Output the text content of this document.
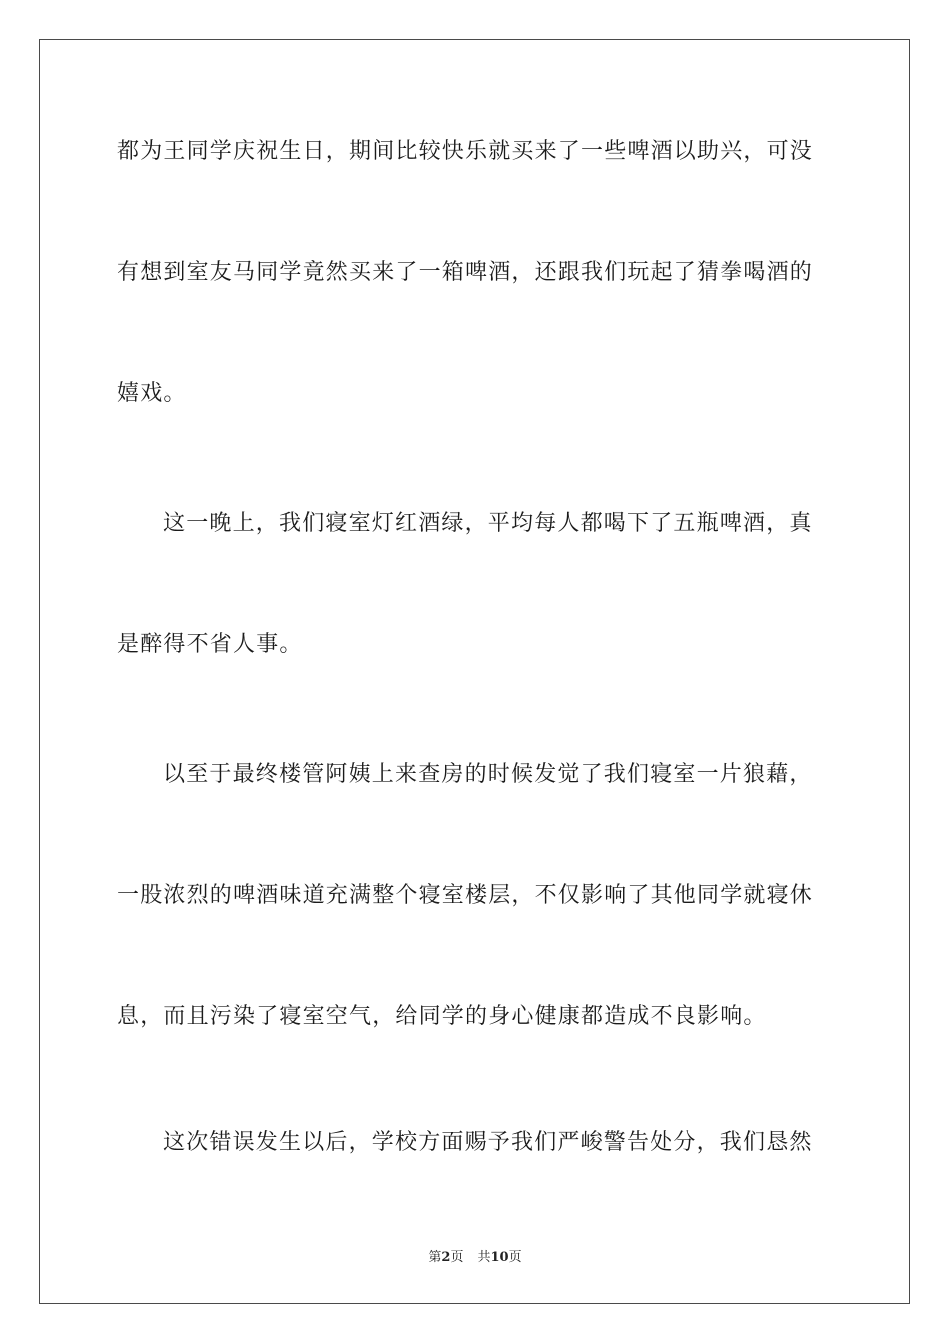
都为王同学庆祝生日，期间比较快乐就买来了一些啤酒以助兴，可没
有想到室友马同学竟然买来了一箱啤酒，还跟我们玩起了猜拳喝酒的
嬉戏。
这一晚上，我们寝室灯红酒绿，平均每人都喝下了五瓶啤酒，真
是醉得不省人事。
以至于最终楼管阿姨上来查房的时候发觉了我们寝室一片狼藉，
一股浓烈的啤酒味道充满整个寝室楼层，不仅影响了其他同学就寝休
息，而且污染了寝室空气，给同学的身心健康都造成不良影响。
这次错误发生以后，学校方面赐予我们严峻警告处分，我们恳然
第2页 共10页
